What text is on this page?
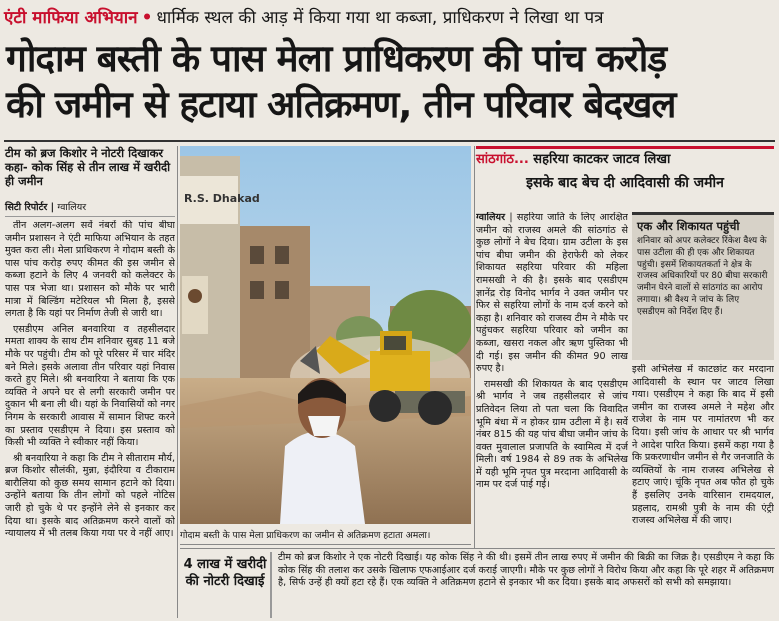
एंटी माफिया अभियान • धार्मिक स्थल की आड़ में किया गया था कब्जा, प्राधिकरण ने लिखा था पत्र
गोदाम बस्ती के पास मेला प्राधिकरण की पांच करोड़
की जमीन से हटाया अतिक्रमण, तीन परिवार बेदखल
टीम को ब्रज किशोर ने नोटरी दिखाकर कहा- कोक सिंह से तीन लाख में खरीदी ही जमीन
सिटी रिपोर्टर | ग्वालियर

तीन अलग-अलग सर्वे नंबरों की पांच बीघा जमीन प्रशासन ने एंटी माफिया अभियान के तहत मुक्त करा ली। मेला प्राधिकरण ने गोदाम बस्ती के पास पांच करोड़ रुपए कीमत की इस जमीन से कब्जा हटाने के लिए 4 जनवरी को कलेक्टर के पास पत्र भेजा था। प्रशासन को मौके पर भारी मात्रा में बिल्डिंग मटेरियल भी मिला है, इससे लगता है कि यहां पर निर्माण तेजी से जारी था।

एसडीएम अनिल बनवारिया व तहसीलदार ममता शाक्य के साथ टीम शनिवार सुबह 11 बजे मौके पर पहुंची। टीम को पूरे परिसर में चार मंदिर बने मिले। इसके अलावा तीन परिवार यहां निवास करते हुए मिले। श्री बनवारिया ने बताया कि एक व्यक्ति ने अपने घर से लगी सरकारी जमीन पर दुकान भी बना ली थी। यहां के निवासियों को नगर निगम के सरकारी आवास में सामान शिफ्ट करने का प्रस्ताव एसडीएम ने दिया। इस प्रस्ताव को किसी भी व्यक्ति ने स्वीकार नहीं किया।

श्री बनवारिया ने कहा कि टीम ने सीताराम मौर्य, ब्रज किशोर सौलंकी, मुन्ना, इंदौरिया व टीकाराम बारौलिया को कुछ समय सामान हटाने को दिया। उन्होंने बताया कि तीन लोगों को पहले नोटिस जारी हो चुके थे पर इन्होंने लेने से इनकार कर दिया था। इसके बाद अतिक्रमण करने वालों को न्यायालय में भी तलब किया गया पर वे नहीं आए।

R.S. Dhakad
गोदाम बस्ती के पास मेला प्राधिकरण का जमीन से अतिक्रमण हटाता अमला।
सांठगांठ... सहरिया काटकर जाटव लिखा
इसके बाद बेच दी आदिवासी की जमीन

ग्वालियर | सहरिया जाति के लिए आरक्षित जमीन को राजस्व अमले की सांठगांठ से कुछ लोगों ने बेच दिया। ग्राम उटीला के इस पांच बीघा जमीन की हेराफेरी को लेकर शिकायत सहरिया परिवार की महिला रामसखी ने की है। इसके बाद एसडीएम ज्ञानेंद्र रोड़ विनोद भार्गव ने उक्त जमीन पर फिर से सहरिया लोगों के नाम दर्ज करने को कहा है। शनिवार को राजस्व टीम ने मौके पर पहुंचकर सहरिया परिवार को जमीन का कब्जा, खसरा नकल और ऋण पुस्तिका भी दी गई। इस जमीन की कीमत 90 लाख रुपए है।

रामसखी की शिकायत के बाद एसडीएम श्री भार्गव ने जब तहसीलदार से जांच प्रतिवेदन लिया तो पता चला कि विवादित भूमि बंधा में न होकर ग्राम उटीला में है। सर्वे नंबर 815 की यह पांच बीघा जमीन जांच के वक्त मुवालाल प्रजापति के स्वामित्व में दर्ज मिली। वर्ष 1984 से 89 तक के अभिलेख में यही भूमि नृपत पुत्र मरदाना आदिवासी के नाम पर दर्ज पाई गई।

एक और शिकायत पहुंची
शनिवार को अपर कलेक्टर रिंकेश वैश्य के पास उटीला की ही एक और शिकायत पहुंची। इसमें शिकायतकर्ता ने क्षेत्र के राजस्व अधिकारियों पर 80 बीघा सरकारी जमीन घेरने वालों से सांठगांठ का आरोप लगाया। श्री वैश्य ने जांच के लिए एसडीएम को निर्देश दिए हैं।

इसी अभिलेख में काटछांट कर मरदाना आदिवासी के स्थान पर जाटव लिखा गया। एसडीएम ने कहा कि बाद में इसी जमीन का राजस्व अमले ने महेश और राजेश के नाम पर नामांतरण भी कर दिया। इसी जांच के आधार पर श्री भार्गव ने आदेश पारित किया। इसमें कहा गया है कि प्रकरणाधीन जमीन से गैर जनजाति के व्यक्तियों के नाम राजस्व अभिलेख से हटाए जाएं। चूंकि नृपत अब फौत हो चुके हैं इसलिए उनके वारिसान रामदयाल, प्रहलाद, रामश्री पुत्री के नाम की एंट्री राजस्व अभिलेख में की जाए।

4 लाख में खरीदी की नोटरी दिखाई
टीम को ब्रज किशोर ने एक नोटरी दिखाई। यह कोक सिंह ने की थी। इसमें तीन लाख रुपए में जमीन की बिक्री का जिक्र है। एसडीएम ने कहा कि कोक सिंह की तलाश कर उसके खिलाफ एफआईआर दर्ज कराई जाएगी। मौके पर कुछ लोगों ने विरोध किया और कहा कि पूरे शहर में अतिक्रमण है, सिर्फ उन्हें ही क्यों हटा रहे हैं। एक व्यक्ति ने अतिक्रमण हटाने से इनकार भी कर दिया। इसके बाद अफसरों को सभी को समझाया।
